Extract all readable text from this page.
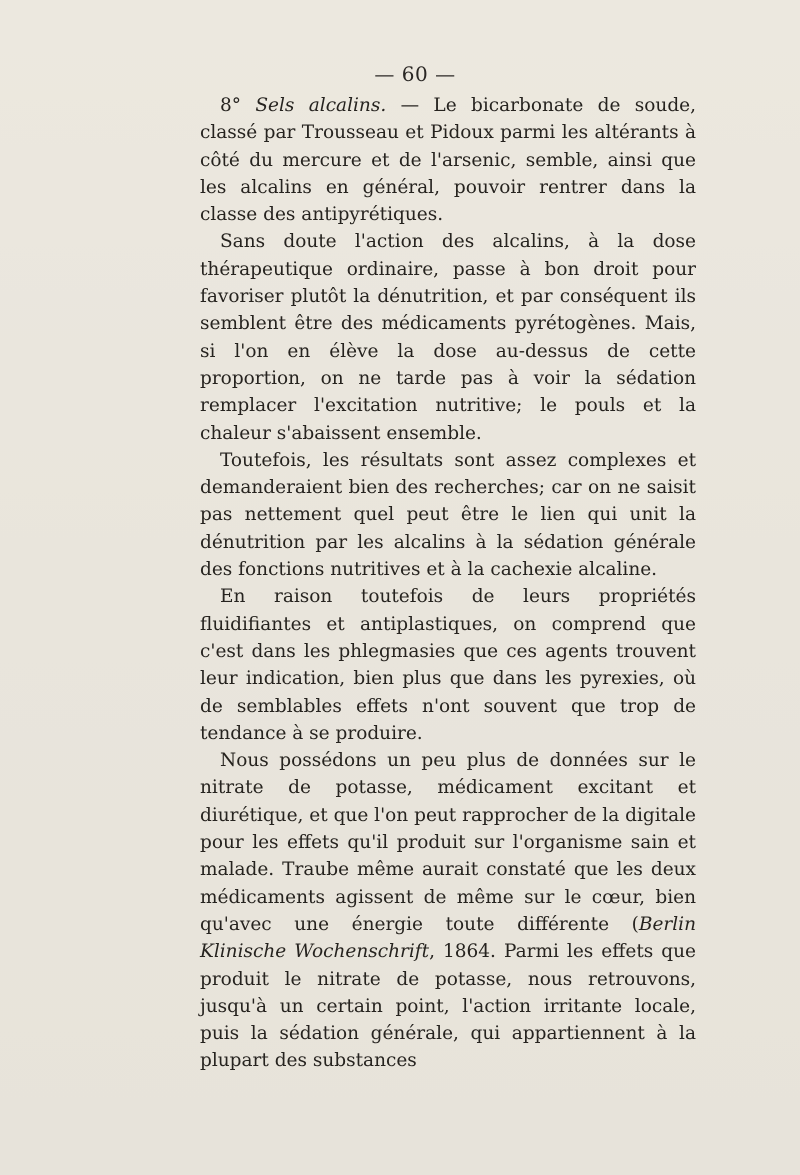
— 60 —

8° Sels alcalins. — Le bicarbonate de soude, classé par Trousseau et Pidoux parmi les altérants à côté du mercure et de l'arsenic, semble, ainsi que les alcalins en général, pouvoir rentrer dans la classe des antipyrétiques.

Sans doute l'action des alcalins, à la dose thérapeutique ordinaire, passe à bon droit pour favoriser plutôt la dénutrition, et par conséquent ils semblent être des médicaments pyrétogènes. Mais, si l'on en élève la dose au-dessus de cette proportion, on ne tarde pas à voir la sédation remplacer l'excitation nutritive; le pouls et la chaleur s'abaissent ensemble.

Toutefois, les résultats sont assez complexes et demanderaient bien des recherches; car on ne saisit pas nettement quel peut être le lien qui unit la dénutrition par les alcalins à la sédation générale des fonctions nutritives et à la cachexie alcaline.

En raison toutefois de leurs propriétés fluidifiantes et antiplastiques, on comprend que c'est dans les phlegmasies que ces agents trouvent leur indication, bien plus que dans les pyrexies, où de semblables effets n'ont souvent que trop de tendance à se produire.

Nous possédons un peu plus de données sur le nitrate de potasse, médicament excitant et diurétique, et que l'on peut rapprocher de la digitale pour les effets qu'il produit sur l'organisme sain et malade. Traube même aurait constaté que les deux médicaments agissent de même sur le cœur, bien qu'avec une énergie toute différente (Berlin Klinische Wochenschrift, 1864. Parmi les effets que produit le nitrate de potasse, nous retrouvons, jusqu'à un certain point, l'action irritante locale, puis la sédation générale, qui appartiennent à la plupart des substances
